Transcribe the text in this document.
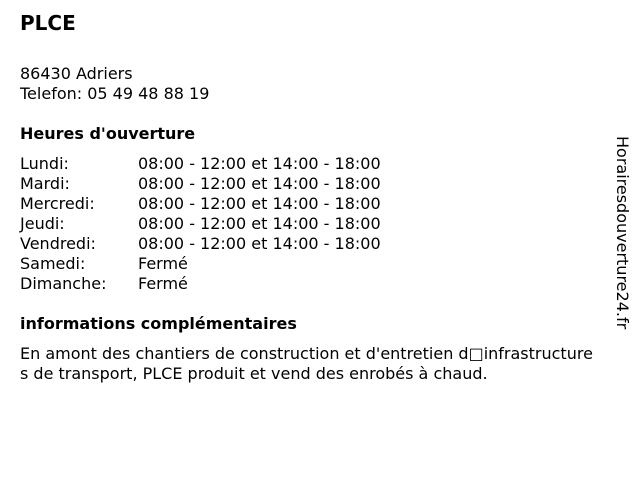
PLCE
86430 Adriers
Telefon: 05 49 48 88 19
Heures d'ouverture
Lundi:	08:00 - 12:00 et 14:00 - 18:00
Mardi:	08:00 - 12:00 et 14:00 - 18:00
Mercredi:	08:00 - 12:00 et 14:00 - 18:00
Jeudi:	08:00 - 12:00 et 14:00 - 18:00
Vendredi:	08:00 - 12:00 et 14:00 - 18:00
Samedi:	Fermé
Dimanche:	Fermé
informations complémentaires
En amont des chantiers de construction et d'entretien d□infrastructures de transport, PLCE produit et vend des enrobés à chaud.
Horairesdouverture24.fr
